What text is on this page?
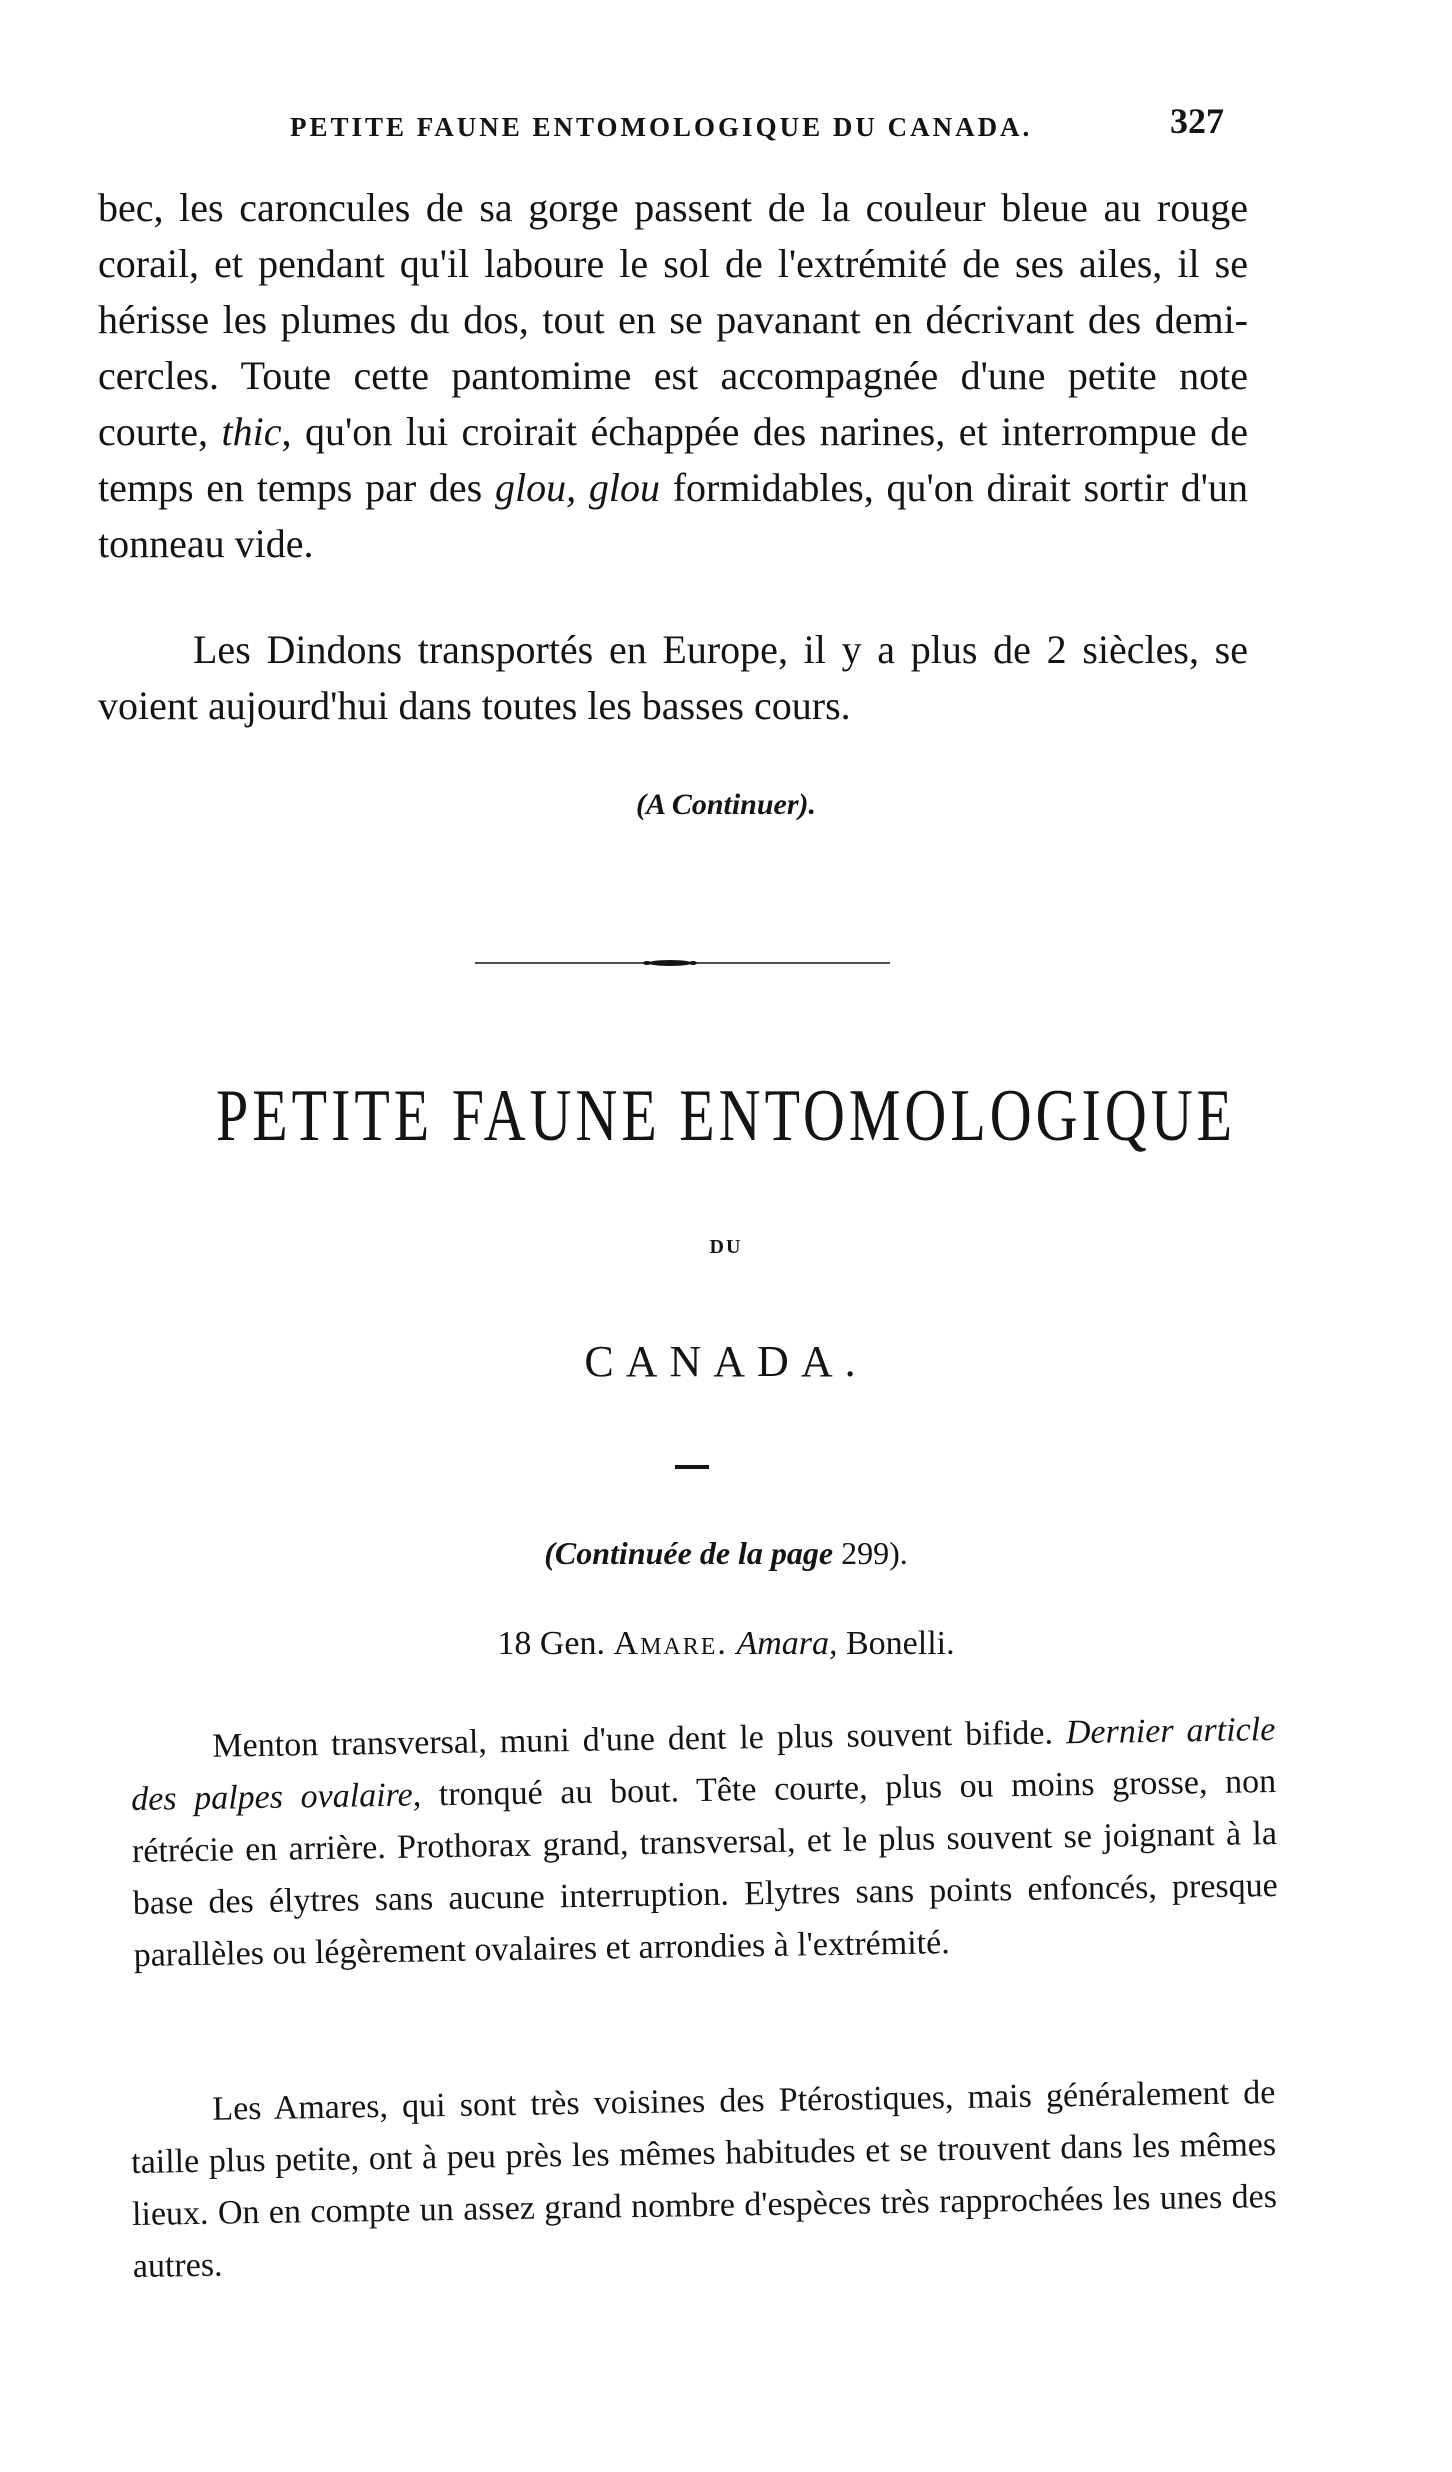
PETITE FAUNE ENTOMOLOGIQUE DU CANADA.	327

bec, les caroncules de sa gorge passent de la couleur bleue au rouge corail, et pendant qu'il laboure le sol de l'extrémité de ses ailes, il se hérisse les plumes du dos, tout en se pavanant en décrivant des demi-cercles. Toute cette pantomime est accompagnée d'une petite note courte, thic, qu'on lui croirait échappée des narines, et interrompue de temps en temps par des glou, glou formidables, qu'on dirait sortir d'un tonneau vide.

Les Dindons transportés en Europe, il y a plus de 2 siècles, se voient aujourd'hui dans toutes les basses cours.

(A Continuer).
PETITE FAUNE ENTOMOLOGIQUE
DU
CANADA.
(Continuée de la page 299).
18 Gen. Amare. Amara, Bonelli.

Menton transversal, muni d'une dent le plus souvent bifide. Dernier article des palpes ovalaire, tronqué au bout. Tête courte, plus ou moins grosse, non rétrécie en arrière. Prothorax grand, transversal, et le plus souvent se joignant à la base des élytres sans aucune interruption. Elytres sans points enfoncés, presque parallèles ou légèrement ovalaires et arrondies à l'extrémité.

Les Amares, qui sont très voisines des Ptérostiques, mais généralement de taille plus petite, ont à peu près les mêmes habitudes et se trouvent dans les mêmes lieux. On en compte un assez grand nombre d'espèces très rapprochées les unes des autres.
